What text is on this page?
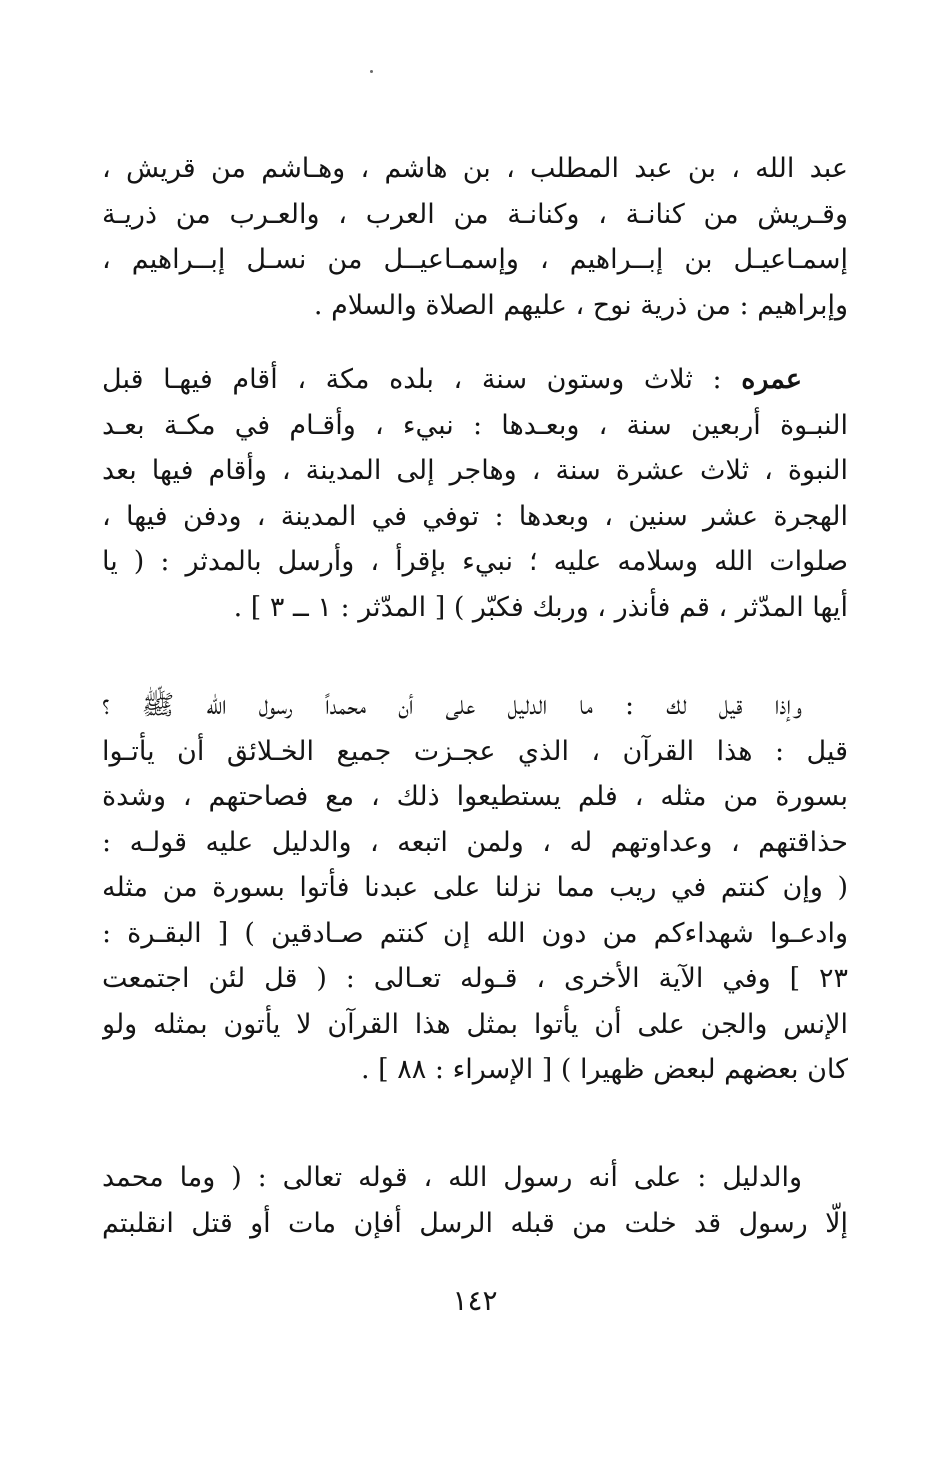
عبد الله ، بن عبد المطلب ، بن هاشم ، وهـاشم من قريش ،
وقـريش من كنانـة ، وكنانـة من العرب ، والعـرب من ذريـة
إسمـاعيـل بن إبــراهيم ، وإسمـاعيــل من نسـل إبــراهيم ،
وإبراهيم : من ذرية نوح ، عليهم الصلاة والسلام .
عمره : ثلاث وستون سنة ، بلده مكة ، أقام فيهـا قبل
النبـوة أربعين سنة ، وبعـدها : نبيء ، وأقـام في مكـة بعـد
النبوة ، ثلاث عشرة سنة ، وهاجر إلى المدينة ، وأقام فيها بعد
الهجرة عشر سنين ، وبعدها : توفي في المدينة ، ودفن فيها ،
صلوات الله وسلامه عليه ؛ نبيء بإقرأ ، وأرسل بالمدثر : ( يا
أيها المدّثر ، قم فأنذر ، وربك فكبّر ) [ المدّثر : ١ ــ ٣ ] .
وإذا قيل لك : ما الدليل على أن محمداً رسول الله ﷺ ؟
قيل : هذا القرآن ، الذي عجـزت جميع الخـلائق أن يأتـوا
بسورة من مثله ، فلم يستطيعوا ذلك ، مع فصاحتهم ، وشدة
حذاقتهم ، وعداوتهم له ، ولمن اتبعه ، والدليل عليه قولـه :
( وإن كنتم في ريب مما نزلنا على عبدنا فأتوا بسورة من مثله
وادعـوا شهداءكم من دون الله إن كنتم صـادقين ) [ البقـرة :
٢٣ ] وفي الآية الأخرى ، قـوله تعـالى : ( قل لئن اجتمعت
الإنس والجن على أن يأتوا بمثل هذا القرآن لا يأتون بمثله ولو
كان بعضهم لبعض ظهيرا ) [ الإسراء : ٨٨ ] .
والدليل : على أنه رسول الله ، قوله تعالى : ( وما محمد
إلّا رسول قد خلت من قبله الرسل أفإن مات أو قتل انقلبتم
١٤٢
